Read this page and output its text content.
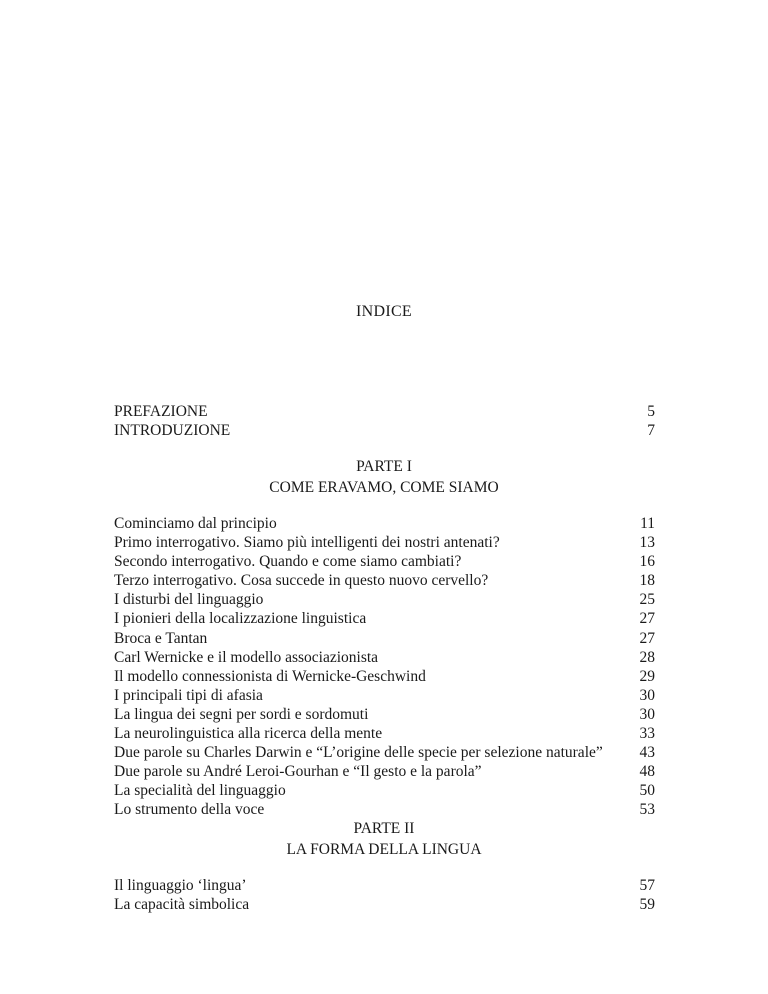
INDICE
PREFAZIONE	5
INTRODUZIONE	7
PARTE I
COME ERAVAMO, COME SIAMO
Cominciamo dal principio	11
Primo interrogativo. Siamo più intelligenti dei nostri antenati?	13
Secondo interrogativo. Quando e come siamo cambiati?	16
Terzo interrogativo. Cosa succede in questo nuovo cervello?	18
I disturbi del linguaggio	25
I pionieri della localizzazione linguistica	27
Broca e Tantan	27
Carl Wernicke e il modello associazionista	28
Il modello connessionista di Wernicke-Geschwind	29
I principali tipi di afasia	30
La lingua dei segni per sordi e sordomuti	30
La neurolinguistica alla ricerca della mente	33
Due parole su Charles Darwin e “L’origine delle specie per selezione naturale”	43
Due parole su André Leroi-Gourhan e “Il gesto e la parola”	48
La specialità del linguaggio	50
Lo strumento della voce	53
PARTE II
LA FORMA DELLA LINGUA
Il linguaggio ‘lingua’	57
La capacità simbolica	59
